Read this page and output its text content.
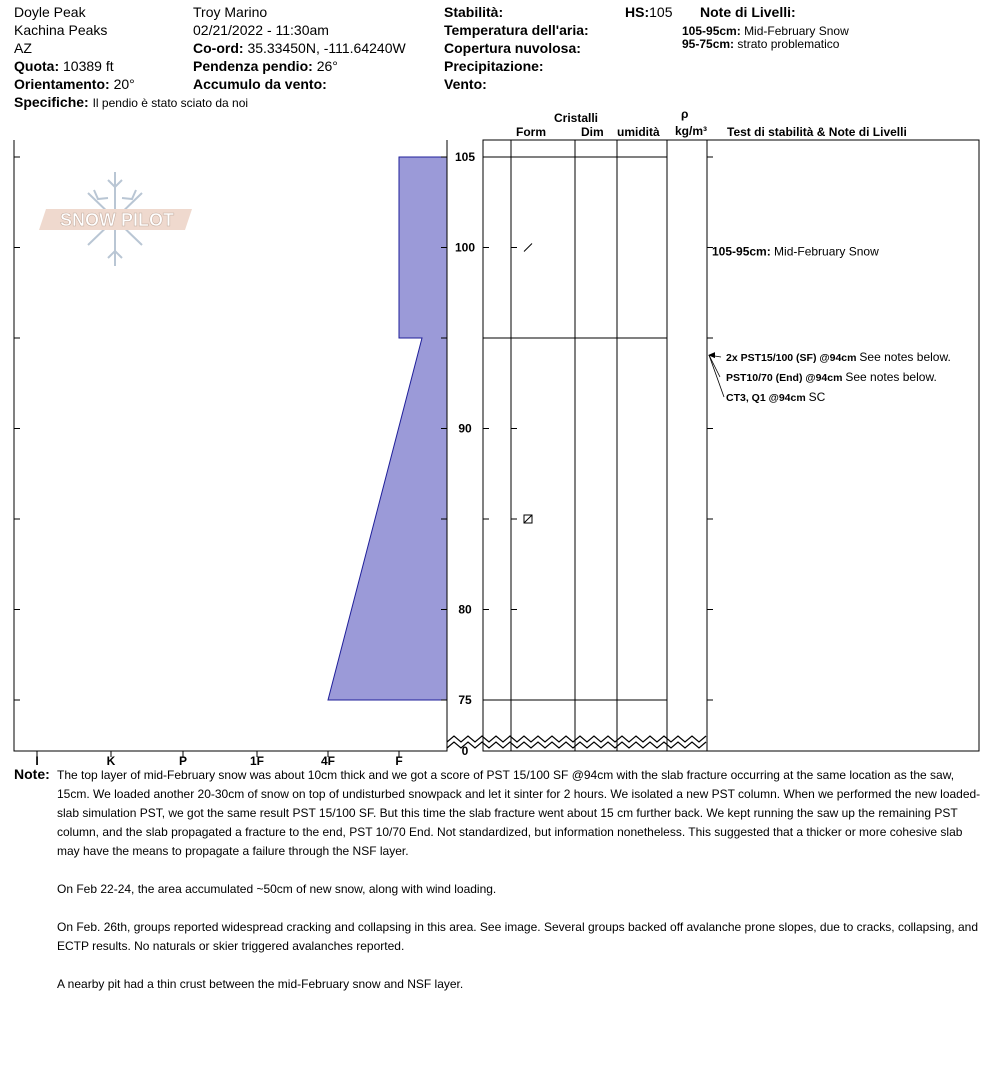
Doyle Peak
Kachina Peaks
AZ
Quota: 10389 ft
Orientamento: 20°
Specifiche: Il pendio è stato sciato da noi
Troy Marino
02/21/2022 - 11:30am
Co-ord: 35.33450N, -111.64240W
Pendenza pendio: 26°
Accumulo da vento:
Stabilità:
Temperatura dell'aria:
Copertura nuvolosa:
Precipitazione:
Vento:
HS:105 Note di Livelli:
105-95cm: Mid-February Snow
95-75cm: strato problematico
Cristalli
Form	Dim umidità
ρ
kg/m³ Test di stabilità & Note di Livelli
SNOW PILOT
I	K	P	1F	4F	F
105
100
90
80
75
0
105-95cm: Mid-February Snow
2x PST15/100 (SF) @94cm See notes below.
PST10/70 (End) @94cm See notes below.
CT3, Q1 @94cm SC
Note: The top layer of mid-February snow was about 10cm thick and we got a score of PST 15/100 SF @94cm with the slab fracture occurring at the same location as the saw, 15cm. We loaded another 20-30cm of snow on top of undisturbed snowpack and let it sinter for 2 hours. We isolated a new PST column. When we performed the new loaded-slab simulation PST, we got the same result PST 15/100 SF. But this time the slab fracture went about 15 cm further back. We kept running the saw up the remaining PST column, and the slab propagated a fracture to the end, PST 10/70 End. Not standardized, but information nonetheless. This suggested that a thicker or more cohesive slab may have the means to propagate a failure through the NSF layer.

On Feb 22-24, the area accumulated ~50cm of new snow, along with wind loading.

On Feb. 26th, groups reported widespread cracking and collapsing in this area. See image. Several groups backed off avalanche prone slopes, due to cracks, collapsing, and ECTP results. No naturals or skier triggered avalanches reported.

A nearby pit had a thin crust between the mid-February snow and NSF layer.
